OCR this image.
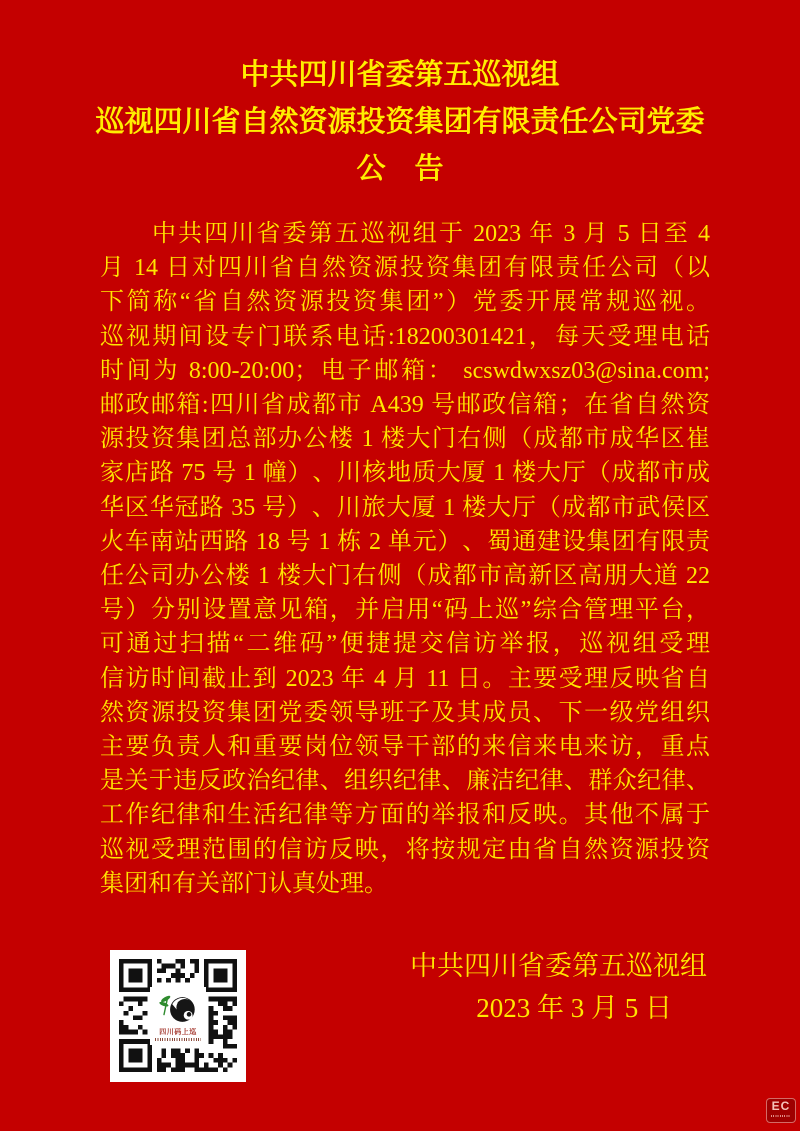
中共四川省委第五巡视组
巡视四川省自然资源投资集团有限责任公司党委
公　告
中共四川省委第五巡视组于 2023 年 3 月 5 日至 4
月 14 日对四川省自然资源投资集团有限责任公司（以
下简称“省自然资源投资集团”）党委开展常规巡视。
巡视期间设专门联系电话:18200301421，每天受理电话
时间为 8:00-20:00；电子邮箱： scswdwxsz03@sina.com;
邮政邮箱:四川省成都市 A439 号邮政信箱；在省自然资
源投资集团总部办公楼 1 楼大门右侧（成都市成华区崔
家店路 75 号 1 幢）、川核地质大厦 1 楼大厅（成都市成
华区华冠路 35 号）、川旅大厦 1 楼大厅（成都市武侯区
火车南站西路 18 号 1 栋 2 单元）、蜀通建设集团有限责
任公司办公楼 1 楼大门右侧（成都市高新区高朋大道 22
号）分别设置意见箱，并启用“码上巡”综合管理平台，
可通过扫描“二维码”便捷提交信访举报，巡视组受理
信访时间截止到 2023 年 4 月 11 日。主要受理反映省自
然资源投资集团党委领导班子及其成员、下一级党组织
主要负责人和重要岗位领导干部的来信来电来访，重点
是关于违反政治纪律、组织纪律、廉洁纪律、群众纪律、
工作纪律和生活纪律等方面的举报和反映。其他不属于
巡视受理范围的信访反映，将按规定由省自然资源投资
集团和有关部门认真处理。
中共四川省委第五巡视组
2023 年 3 月 5 日
四川码上巡
EC
